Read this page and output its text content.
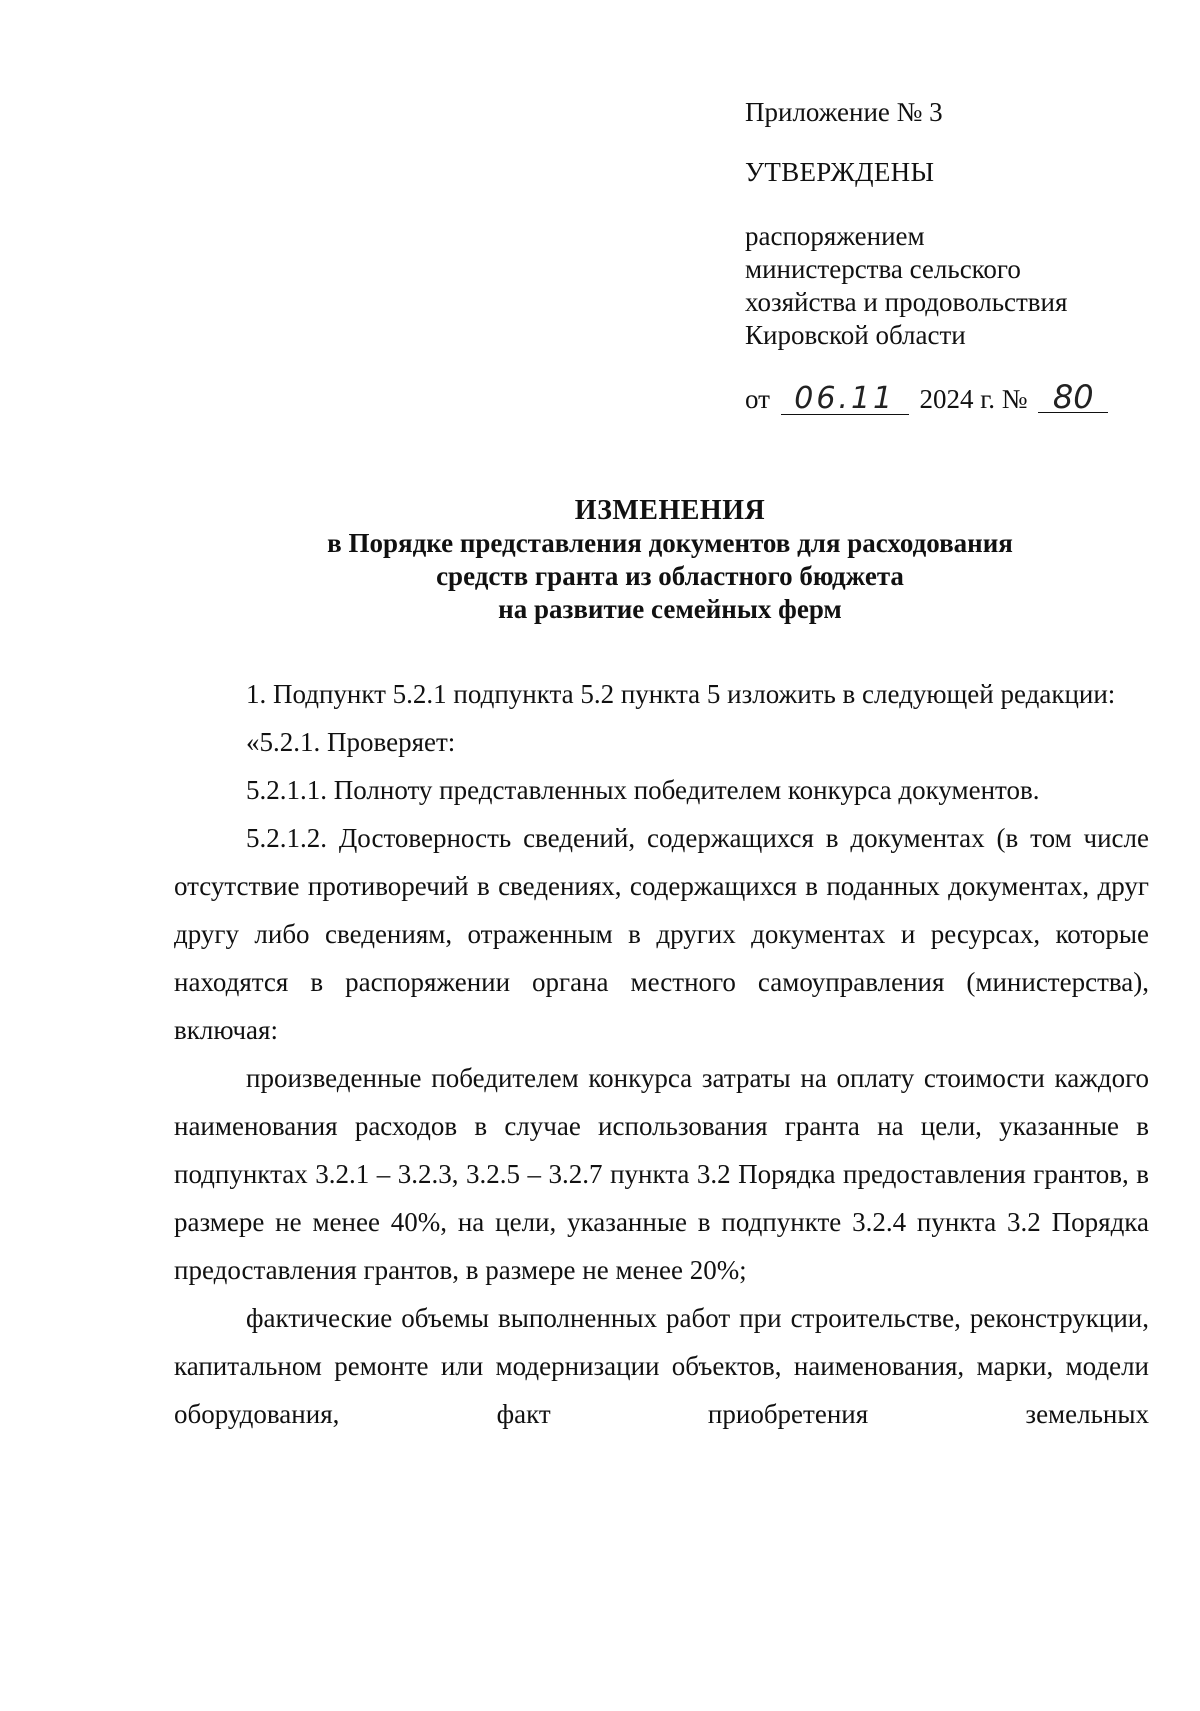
Приложение № 3
УТВЕРЖДЕНЫ
распоряжением
министерства сельского
хозяйства и продовольствия
Кировской области
от 06.11 2024 г. № 80
ИЗМЕНЕНИЯ
в Порядке представления документов для расходования
средств гранта из областного бюджета
на развитие семейных ферм

1. Подпункт 5.2.1 подпункта 5.2 пункта 5 изложить в следующей редакции:

«5.2.1. Проверяет:

5.2.1.1. Полноту представленных победителем конкурса документов.

5.2.1.2. Достоверность сведений, содержащихся в документах (в том числе отсутствие противоречий в сведениях, содержащихся в поданных документах, друг другу либо сведениям, отраженным в других документах и ресурсах, которые находятся в распоряжении органа местного самоуправления (министерства), включая:

произведенные победителем конкурса затраты на оплату стоимости каждого наименования расходов в случае использования гранта на цели, указанные в подпунктах 3.2.1 – 3.2.3, 3.2.5 – 3.2.7 пункта 3.2 Порядка предоставления грантов, в размере не менее 40%, на цели, указанные в подпункте 3.2.4 пункта 3.2 Порядка предоставления грантов, в размере не менее 20%;

фактические объемы выполненных работ при строительстве, реконструкции, капитальном ремонте или модернизации объектов, наименования, марки, модели оборудования, факт приобретения земельных
